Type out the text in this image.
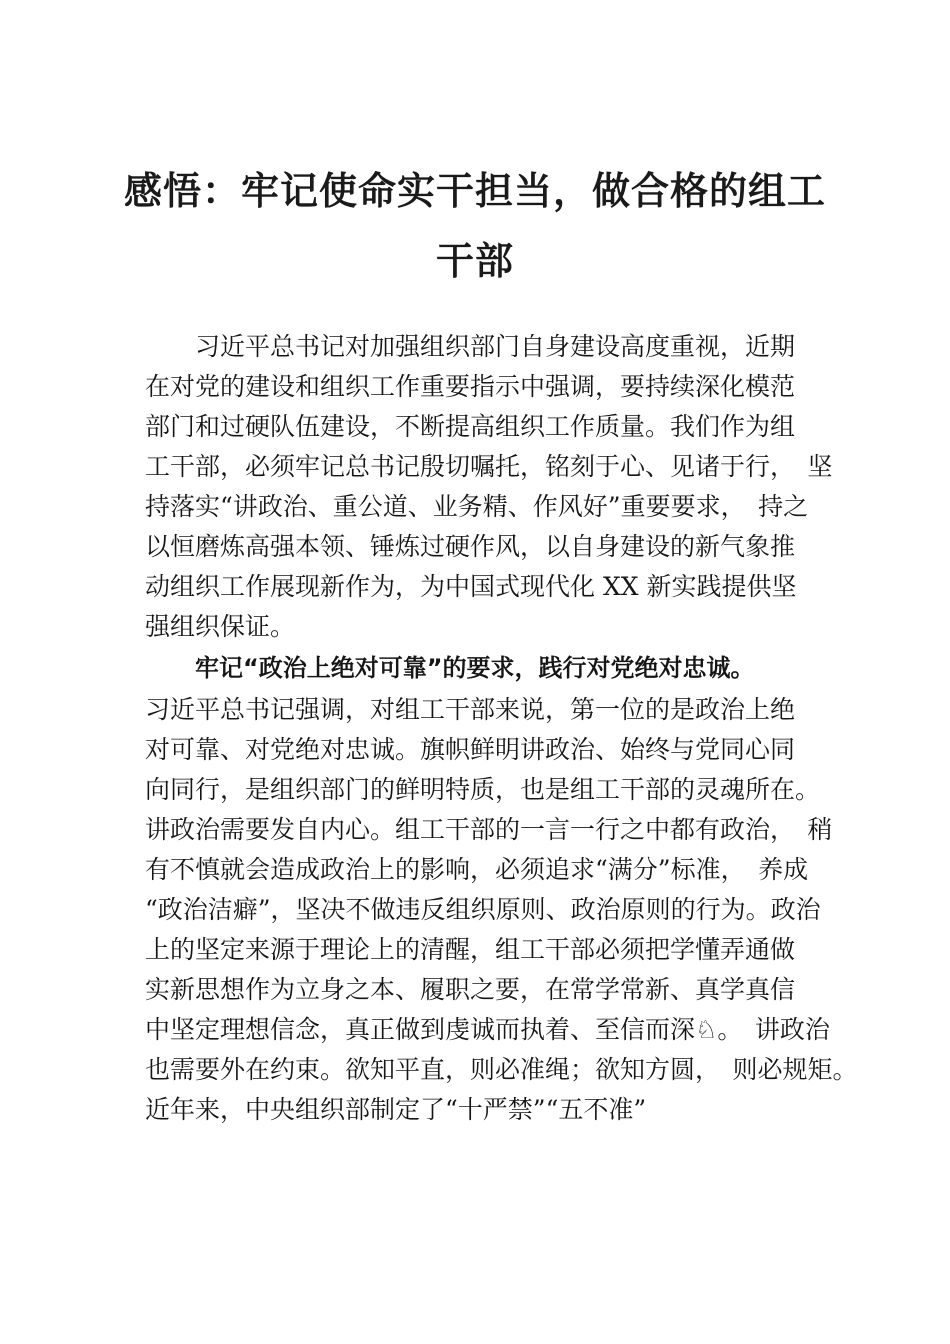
感悟：牢记使命实干担当，做合格的组工
干部
习近平总书记对加强组织部门自身建设高度重视，近期
在对党的建设和组织工作重要指示中强调，要持续深化模范
部门和过硬队伍建设，不断提高组织工作质量。我们作为组
工干部，必须牢记总书记殷切嘱托，铭刻于心、见诸于行，　坚
持落实“讲政治、重公道、业务精、作风好”重要要求，　持之
以恒磨炼高强本领、锤炼过硬作风，以自身建设的新气象推
动组织工作展现新作为，为中国式现代化 XX 新实践提供坚
强组织保证。
牢记“政治上绝对可靠”的要求，践行对党绝对忠诚。
习近平总书记强调，对组工干部来说，第一位的是政治上绝
对可靠、对党绝对忠诚。旗帜鲜明讲政治、始终与党同心同
向同行，是组织部门的鲜明特质，也是组工干部的灵魂所在。
讲政治需要发自内心。组工干部的一言一行之中都有政治，　稍
有不慎就会造成政治上的影响，必须追求“满分”标准，　养成
“政治洁癖”，坚决不做违反组织原则、政治原则的行为。政治
上的坚定来源于理论上的清醒，组工干部必须把学懂弄通做
实新思想作为立身之本、履职之要，在常学常新、真学真信
中坚定理想信念，真正做到虔诚而执着、至信而深♘。　讲政治
也需要外在约束。欲知平直，则必准绳；欲知方圆，　则必规矩。
近年来，中央组织部制定了“十严禁”“五不准”
